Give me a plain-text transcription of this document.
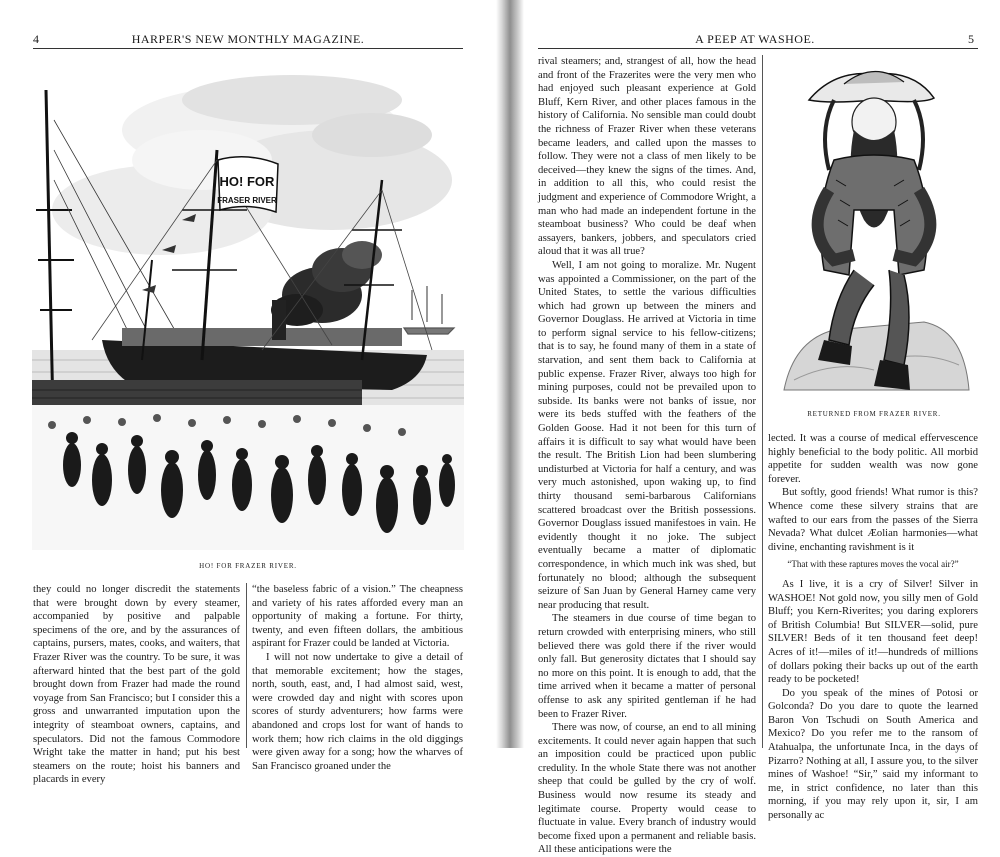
4	HARPER'S NEW MONTHLY MAGAZINE.
HO! FOR
FRASER RIVER
HO! FOR FRAZER RIVER.

they could no longer discredit the statements that were brought down by every steamer, accompanied by positive and palpable specimens of the ore, and by the assurances of captains, pursers, mates, cooks, and waiters, that Frazer River was the country. To be sure, it was afterward hinted that the best part of the gold brought down from Frazer had made the round voyage from San Francisco; but I consider this a gross and unwarranted imputation upon the integrity of steamboat owners, captains, and speculators. Did not the famous Commodore Wright take the matter in hand; put his best steamers on the route; hoist his banners and placards in every

“the baseless fabric of a vision.” The cheapness and variety of his rates afforded every man an opportunity of making a fortune. For thirty, twenty, and even fifteen dollars, the ambitious aspirant for Frazer could be landed at Victoria.

I will not now undertake to give a detail of that memorable excitement; how the stages, north, south, east, and, I had almost said, west, were crowded day and night with scores upon scores of sturdy adventurers; how farms were abandoned and crops lost for want of hands to work them; how rich claims in the old diggings were given away for a song; how the wharves of San Francisco groaned under the

A PEEP AT WASHOE.	5

rival steamers; and, strangest of all, how the head and front of the Frazerites were the very men who had enjoyed such pleasant experience at Gold Bluff, Kern River, and other places famous in the history of California. No sensible man could doubt the richness of Frazer River when these veterans became leaders, and called upon the masses to follow. They were not a class of men likely to be deceived—they knew the signs of the times. And, in addition to all this, who could resist the judgment and experience of Commodore Wright, a man who had made an independent fortune in the steamboat business? Who could be deaf when assayers, bankers, jobbers, and speculators cried aloud that it was all true?

Well, I am not going to moralize. Mr. Nugent was appointed a Commissioner, on the part of the United States, to settle the various difficulties which had grown up between the miners and Governor Douglass. He arrived at Victoria in time to perform signal service to his fellow-citizens; that is to say, he found many of them in a state of starvation, and sent them back to California at public expense. Frazer River, always too high for mining purposes, could not be prevailed upon to subside. Its banks were not banks of issue, nor were its beds stuffed with the feathers of the Golden Goose. Had it not been for this turn of affairs it is difficult to say what would have been the result. The British Lion had been slumbering undisturbed at Victoria for half a century, and was very much astonished, upon waking up, to find thirty thousand semi-barbarous Californians scattered broadcast over the British possessions. Governor Douglass issued manifestoes in vain. He evidently thought it no joke. The subject eventually became a matter of diplomatic correspondence, in which much ink was shed, but fortunately no blood; although the subsequent seizure of San Juan by General Harney came very near producing that result.

The steamers in due course of time began to return crowded with enterprising miners, who still believed there was gold there if the river would only fall. But generosity dictates that I should say no more on this point. It is enough to add, that the time arrived when it became a matter of personal offense to ask any spirited gentleman if he had been to Frazer River.

There was now, of course, an end to all mining excitements. It could never again happen that such an imposition could be practiced upon public credulity. In the whole State there was not another sheep that could be gulled by the cry of wolf. Business would now resume its steady and legitimate course. Property would cease to fluctuate in value. Every branch of industry would become fixed upon a permanent and reliable basis. All these anticipations were the

RETURNED FROM FRAZER RIVER.

lected. It was a course of medical effervescence highly beneficial to the body politic. All morbid appetite for sudden wealth was now gone forever.

But softly, good friends! What rumor is this? Whence come these silvery strains that are wafted to our ears from the passes of the Sierra Nevada? What dulcet Æolian harmonies—what divine, enchanting ravishment is it

“That with these raptures moves the vocal air?”

As I live, it is a cry of Silver! Silver in WASHOE! Not gold now, you silly men of Gold Bluff; you Kern-Riverites; you daring explorers of British Columbia! But SILVER—solid, pure SILVER! Beds of it ten thousand feet deep! Acres of it!—miles of it!—hundreds of millions of dollars poking their backs up out of the earth ready to be pocketed!

Do you speak of the mines of Potosi or Golconda? Do you dare to quote the learned Baron Von Tschudi on South America and Mexico? Do you refer me to the ransom of Atahualpa, the unfortunate Inca, in the days of Pizarro? Nothing at all, I assure you, to the silver mines of Washoe! “Sir,” said my informant to me, in strict confidence, no later than this morning, if you may rely upon it, sir, I am personally ac
